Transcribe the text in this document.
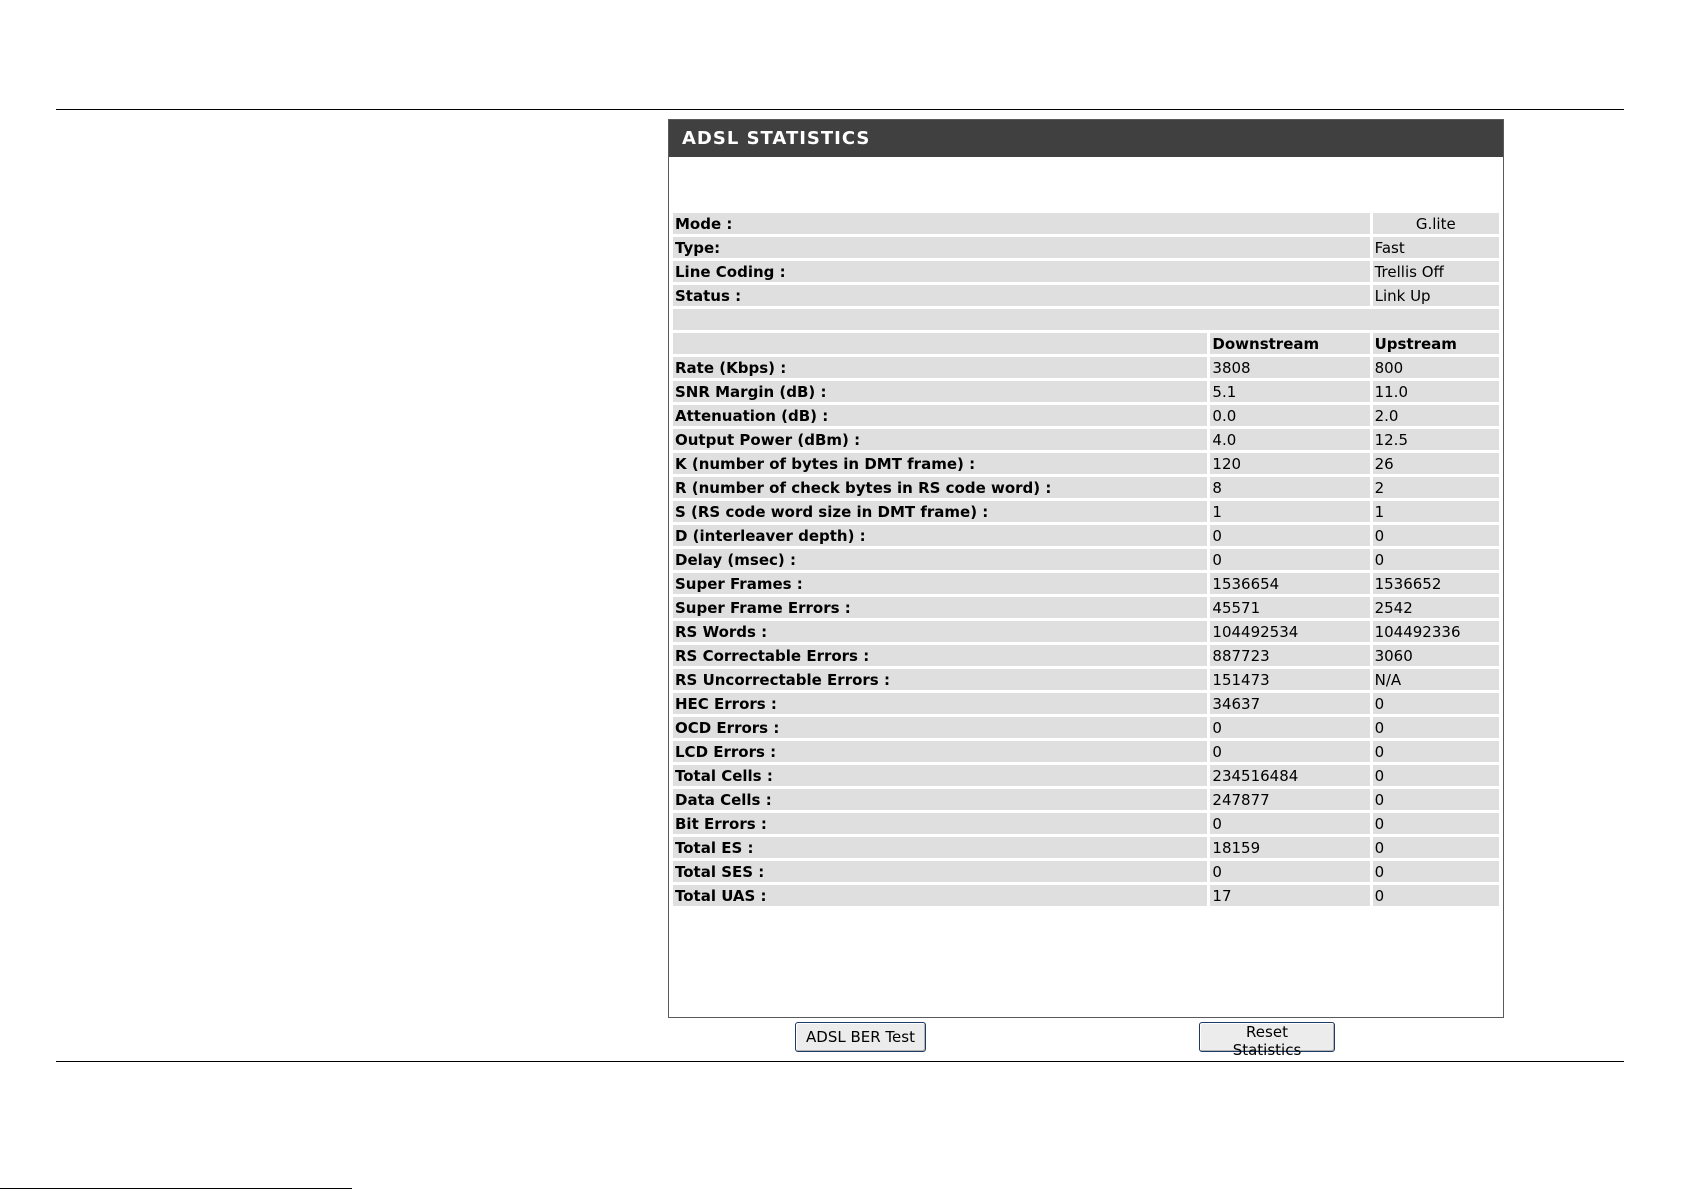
ADSL STATISTICS
Mode :		G.lite
Type:		Fast
Line Coding :		Trellis Off
Status :		Link Up

	Downstream	Upstream
Rate (Kbps) :	3808	800
SNR Margin (dB) :	5.1	11.0
Attenuation (dB) :	0.0	2.0
Output Power (dBm) :	4.0	12.5
K (number of bytes in DMT frame) :	120	26
R (number of check bytes in RS code word) :	8	2
S (RS code word size in DMT frame) :	1	1
D (interleaver depth) :	0	0
Delay (msec) :	0	0
Super Frames :	1536654	1536652
Super Frame Errors :	45571	2542
RS Words :	104492534	104492336
RS Correctable Errors :	887723	3060
RS Uncorrectable Errors :	151473	N/A
HEC Errors :	34637	0
OCD Errors :	0	0
LCD Errors :	0	0
Total Cells :	234516484	0
Data Cells :	247877	0
Bit Errors :	0	0
Total ES :	18159	0
Total SES :	0	0
Total UAS :	17	0
ADSL BER Test	Reset Statistics
